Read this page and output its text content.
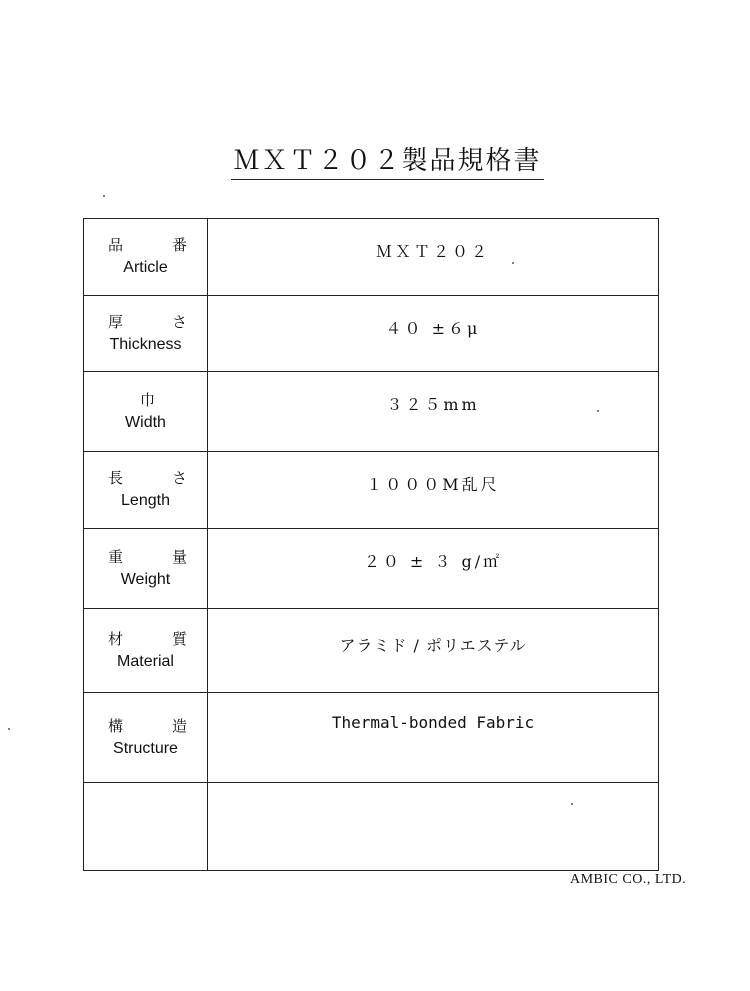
ＭＸＴ２０２製品規格書
品 番
Article	ＭＸＴ２０２

厚 さ
Thickness	４０ ±６μ

巾
Width	３２５mm

長 さ
Length	１０００M乱尺

重 量
Weight	２０ ± ３ g/㎡

材 質
Material	アラミド / ポリエステル

構 造
Structure	Thermal-bonded Fabric

AMBIC CO., LTD.
